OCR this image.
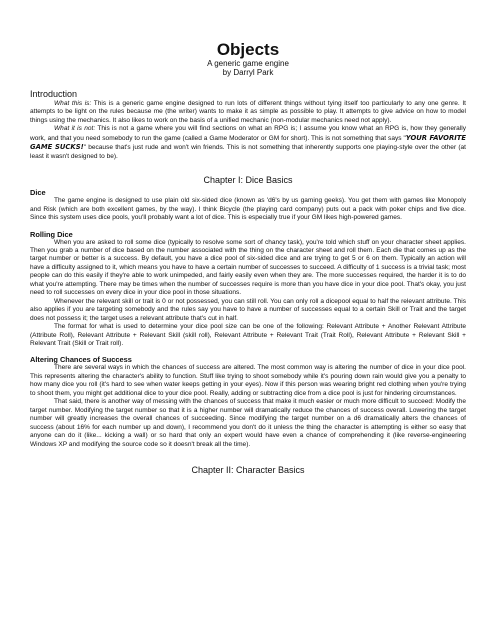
Objects
A generic game engine
by Darryl Park
Introduction

What this is: This is a generic game engine designed to run lots of different things without tying itself too particularly to any one genre. It attempts to be light on the rules because me (the writer) wants to make it as simple as possible to play. It attempts to give advice on how to model things using the mechanics. It also likes to work on the basis of a unified mechanic (non-modular mechanics need not apply).

What it is not: This is not a game where you will find sections on what an RPG is; I assume you know what an RPG is, how they generally work, and that you need somebody to run the game (called a Game Moderator or GM for short). This is not something that says "YOUR FAVORITE GAME SUCKS!" because that's just rude and won't win friends. This is not something that inherently supports one playing-style over the other (at least it wasn't designed to be).

Chapter I: Dice Basics
Dice

The game engine is designed to use plain old six-sided dice (known as 'd6's by us gaming geeks). You get them with games like Monopoly and Risk (which are both excellent games, by the way). I think Bicycle (the playing card company) puts out a pack with poker chips and five dice. Since this system uses dice pools, you'll probably want a lot of dice. This is especially true if your GM likes high-powered games.

Rolling Dice

When you are asked to roll some dice (typically to resolve some sort of chancy task), you're told which stuff on your character sheet applies. Then you grab a number of dice based on the number associated with the thing on the character sheet and roll them. Each die that comes up as the target number or better is a success. By default, you have a dice pool of six-sided dice and are trying to get 5 or 6 on them. Typically an action will have a difficulty assigned to it, which means you have to have a certain number of successes to succeed. A difficulty of 1 success is a trivial task; most people can do this easily if they're able to work unimpeded, and fairly easily even when they are. The more successes required, the harder it is to do what you're attempting. There may be times when the number of successes require is more than you have dice in your dice pool. That's okay, you just need to roll successes on every dice in your dice pool in those situations.

Whenever the relevant skill or trait is 0 or not possessed, you can still roll. You can only roll a dicepool equal to half the relevant attribute. This also applies if you are targeting somebody and the rules say you have to have a number of successes equal to a certain Skill or Trait and the target does not possess it; the target uses a relevant attribute that's cut in half.

The format for what is used to determine your dice pool size can be one of the following: Relevant Attribute + Another Relevant Attribute (Attribute Roll), Relevant Attribute + Relevant Skill (skill roll), Relevant Attribute + Relevant Trait (Trait Roll), Relevant Attribute + Relevant Skill + Relevant Trait (Skill or Trait roll).

Altering Chances of Success

There are several ways in which the chances of success are altered. The most common way is altering the number of dice in your dice pool. This represents altering the character's ability to function. Stuff like trying to shoot somebody while it's pouring down rain would give you a penalty to how many dice you roll (it's hard to see when water keeps getting in your eyes). Now if this person was wearing bright red clothing when you're trying to shoot them, you might get additional dice to your dice pool. Really, adding or subtracting dice from a dice pool is just for hindering circumstances.

That said, there is another way of messing with the chances of success that make it much easier or much more difficult to succeed: Modify the target number. Modifying the target number so that it is a higher number will dramatically reduce the chances of success overall. Lowering the target number will greatly increases the overall chances of succeeding. Since modifying the target number on a d6 dramatically alters the chances of success (about 16% for each number up and down), I recommend you don't do it unless the thing the character is attempting is either so easy that anyone can do it (like... kicking a wall) or so hard that only an expert would have even a chance of comprehending it (like reverse-engineering Windows XP and modifying the source code so it doesn't break all the time).

Chapter II: Character Basics
